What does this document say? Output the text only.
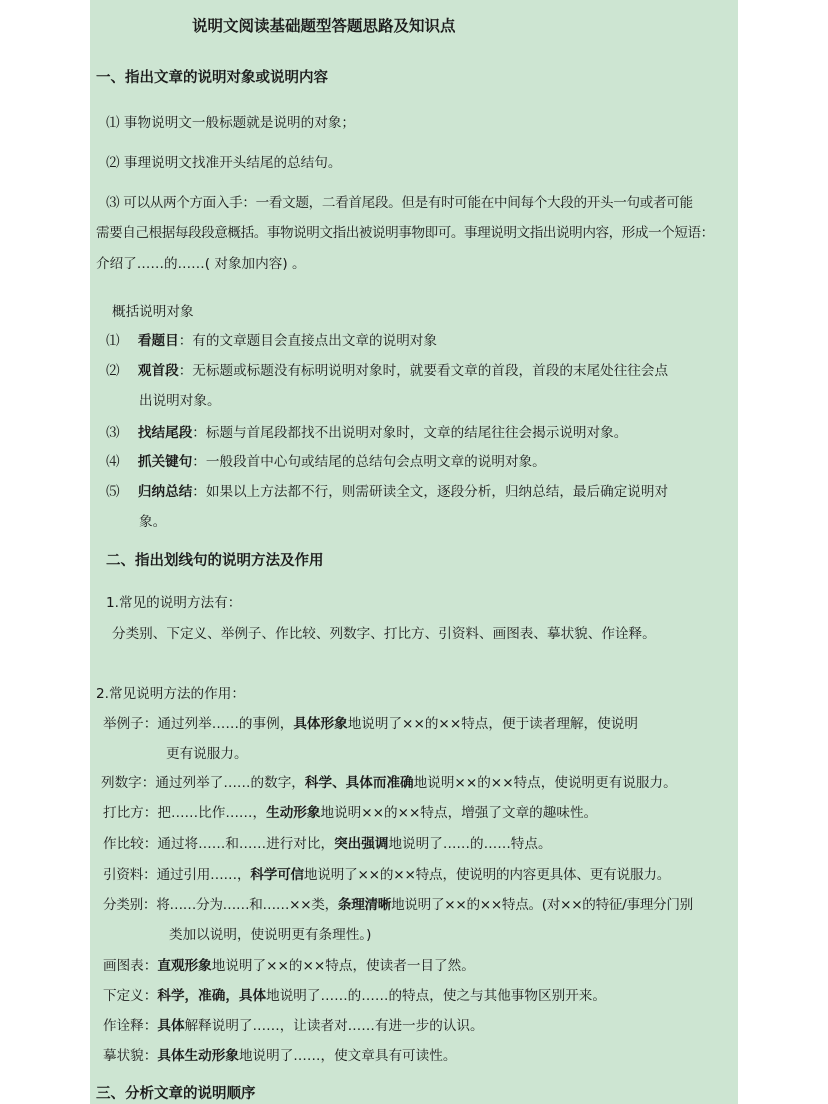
说明文阅读基础题型答题思路及知识点
一、指出文章的说明对象或说明内容
⑴ 事物说明文一般标题就是说明的对象；
⑵ 事理说明文找准开头结尾的总结句。
⑶ 可以从两个方面入手：一看文题，二看首尾段。但是有时可能在中间每个大段的开头一句或者可能
需要自己根据每段段意概括。事物说明文指出被说明事物即可。事理说明文指出说明内容，形成一个短语：
介绍了……的……( 对象加内容) 。
概括说明对象
⑴ 看题目：有的文章题目会直接点出文章的说明对象
⑵ 观首段：无标题或标题没有标明说明对象时，就要看文章的首段，首段的末尾处往往会点
出说明对象。
⑶ 找结尾段：标题与首尾段都找不出说明对象时，文章的结尾往往会揭示说明对象。
⑷ 抓关键句：一般段首中心句或结尾的总结句会点明文章的说明对象。
⑸ 归纳总结：如果以上方法都不行，则需研读全文，逐段分析，归纳总结，最后确定说明对
象。
二、指出划线句的说明方法及作用
1.常见的说明方法有：
分类别、下定义、举例子、作比较、列数字、打比方、引资料、画图表、摹状貌、作诠释。
2.常见说明方法的作用：
举例子：通过列举……的事例，具体形象地说明了××的××特点，便于读者理解，使说明
更有说服力。
列数字：通过列举了……的数字，科学、具体而准确地说明××的××特点，使说明更有说服力。
打比方：把……比作……，生动形象地说明××的××特点，增强了文章的趣味性。
作比较：通过将……和……进行对比，突出强调地说明了……的……特点。
引资料：通过引用……，科学可信地说明了××的××特点，使说明的内容更具体、更有说服力。
分类别：将……分为……和……××类，条理清晰地说明了××的××特点。(对××的特征/事理分门别
类加以说明，使说明更有条理性。)
画图表：直观形象地说明了××的××特点，使读者一目了然。
下定义：科学，准确，具体地说明了……的……的特点，使之与其他事物区别开来。
作诠释：具体解释说明了……，让读者对……有进一步的认识。
摹状貌：具体生动形象地说明了……，使文章具有可读性。
三、分析文章的说明顺序
